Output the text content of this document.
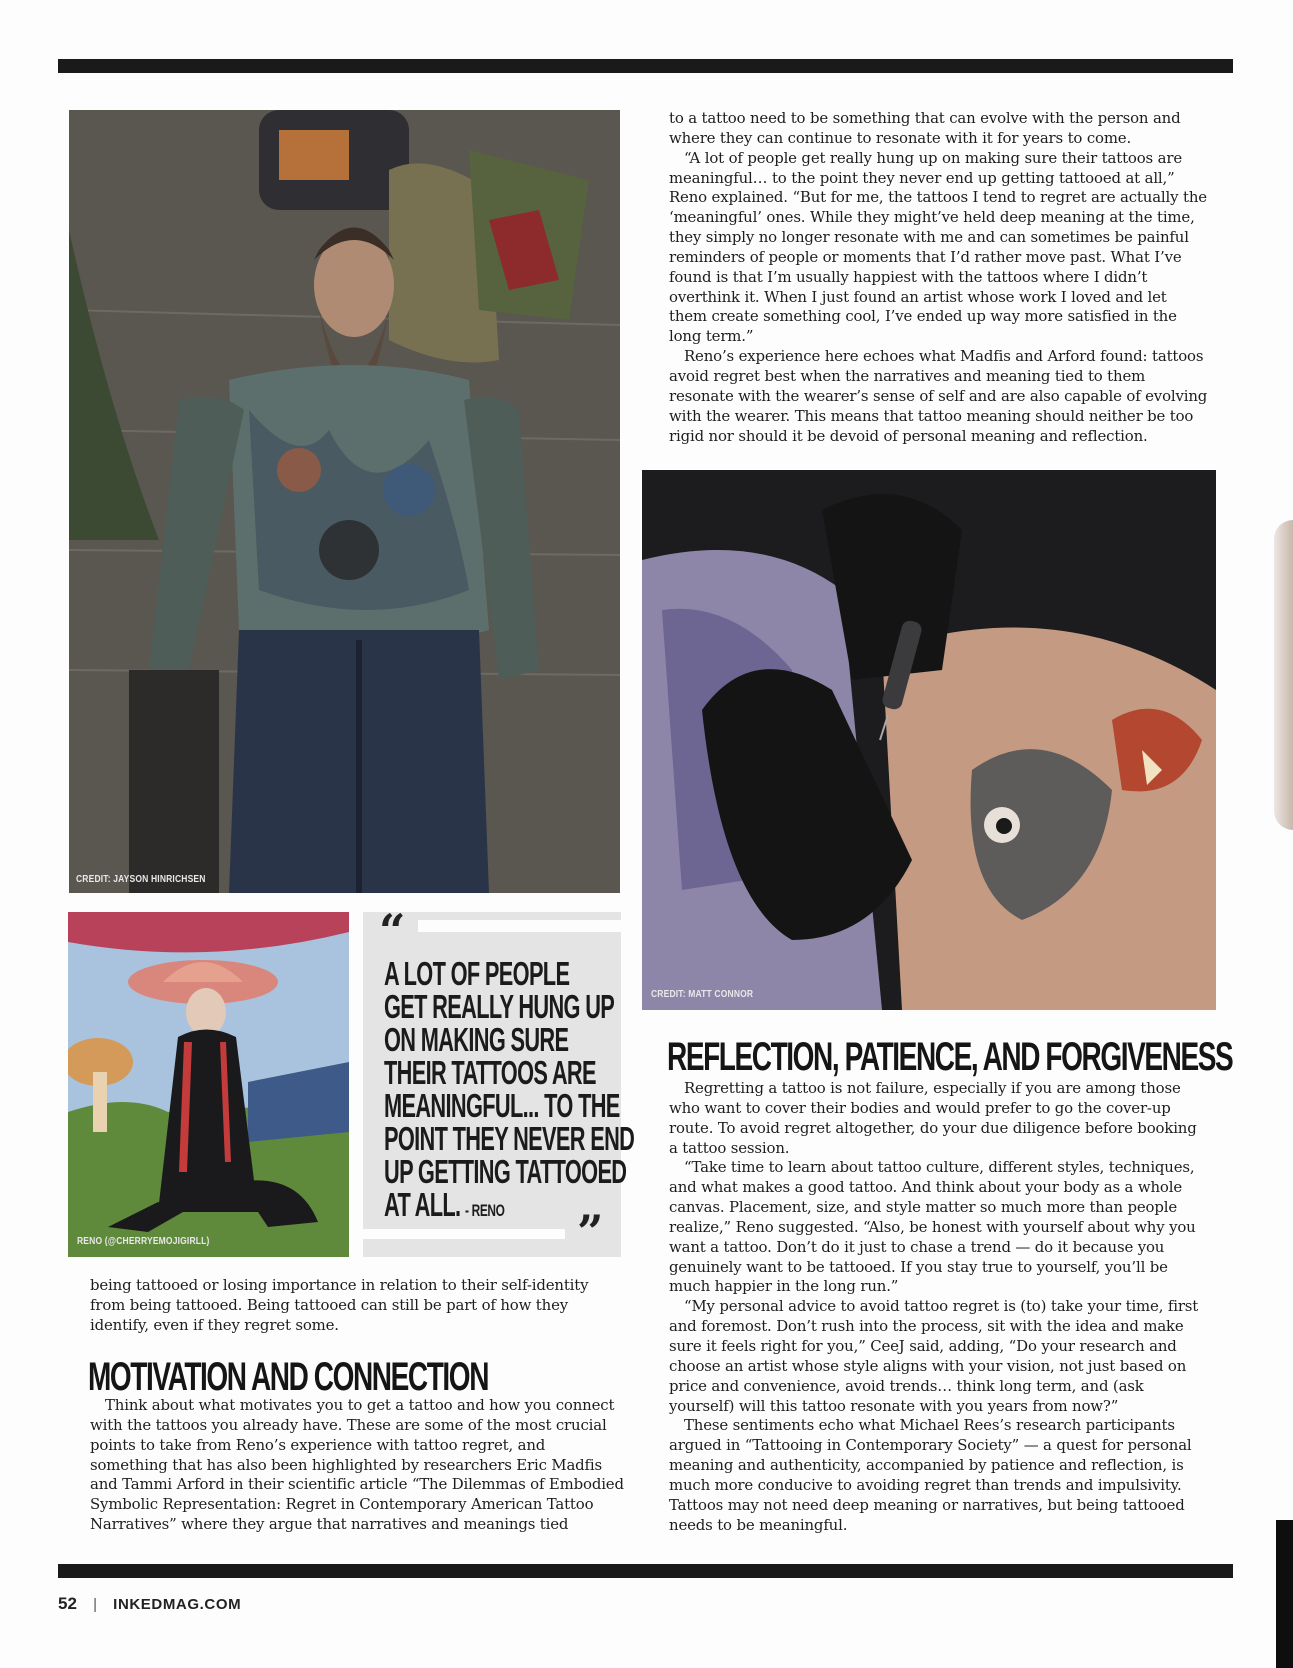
CREDIT: JAYSON HINRICHSEN
RENO (@CHERRYEMOJIGIRLL)
“
A LOT OF PEOPLE
GET REALLY HUNG UP
ON MAKING SURE
THEIR TATTOOS ARE
MEANINGFUL... TO THE
POINT THEY NEVER END
UP GETTING TATTOOED
AT ALL. - RENO	”
CREDIT: MATT CONNOR

to a tattoo need to be something that can evolve with the person and where they can continue to resonate with it for years to come.

“A lot of people get really hung up on making sure their tattoos are meaningful… to the point they never end up getting tattooed at all,” Reno explained. “But for me, the tattoos I tend to regret are actually the ‘meaningful’ ones. While they might’ve held deep meaning at the time, they simply no longer resonate with me and can sometimes be painful reminders of people or moments that I’d rather move past. What I’ve found is that I’m usually happiest with the tattoos where I didn’t overthink it. When I just found an artist whose work I loved and let them create something cool, I’ve ended up way more satisfied in the long term.”

Reno’s experience here echoes what Madfis and Arford found: tattoos avoid regret best when the narratives and meaning tied to them resonate with the wearer’s sense of self and are also capable of evolving with the wearer. This means that tattoo meaning should neither be too rigid nor should it be devoid of personal meaning and reflection.

REFLECTION, PATIENCE, AND FORGIVENESS

Regretting a tattoo is not failure, especially if you are among those who want to cover their bodies and would prefer to go the cover-up route. To avoid regret altogether, do your due diligence before booking a tattoo session.

“Take time to learn about tattoo culture, different styles, techniques, and what makes a good tattoo. And think about your body as a whole canvas. Placement, size, and style matter so much more than people realize,” Reno suggested. “Also, be honest with yourself about why you want a tattoo. Don’t do it just to chase a trend — do it because you genuinely want to be tattooed. If you stay true to yourself, you’ll be much happier in the long run.”

“My personal advice to avoid tattoo regret is (to) take your time, first and foremost. Don’t rush into the process, sit with the idea and make sure it feels right for you,” CeeJ said, adding, “Do your research and choose an artist whose style aligns with your vision, not just based on price and convenience, avoid trends… think long term, and (ask yourself) will this tattoo resonate with you years from now?”

These sentiments echo what Michael Rees’s research participants argued in “Tattooing in Contemporary Society” — a quest for personal meaning and authenticity, accompanied by patience and reflection, is much more conducive to avoiding regret than trends and impulsivity. Tattoos may not need deep meaning or narratives, but being tattooed needs to be meaningful.

being tattooed or losing importance in relation to their self-identity from being tattooed. Being tattooed can still be part of how they identify, even if they regret some.

MOTIVATION AND CONNECTION

Think about what motivates you to get a tattoo and how you connect with the tattoos you already have. These are some of the most crucial points to take from Reno’s experience with tattoo regret, and something that has also been highlighted by researchers Eric Madfis and Tammi Arford in their scientific article “The Dilemmas of Embodied Symbolic Representation: Regret in Contemporary American Tattoo Narratives” where they argue that narratives and meanings tied

52 | INKEDMAG.COM
